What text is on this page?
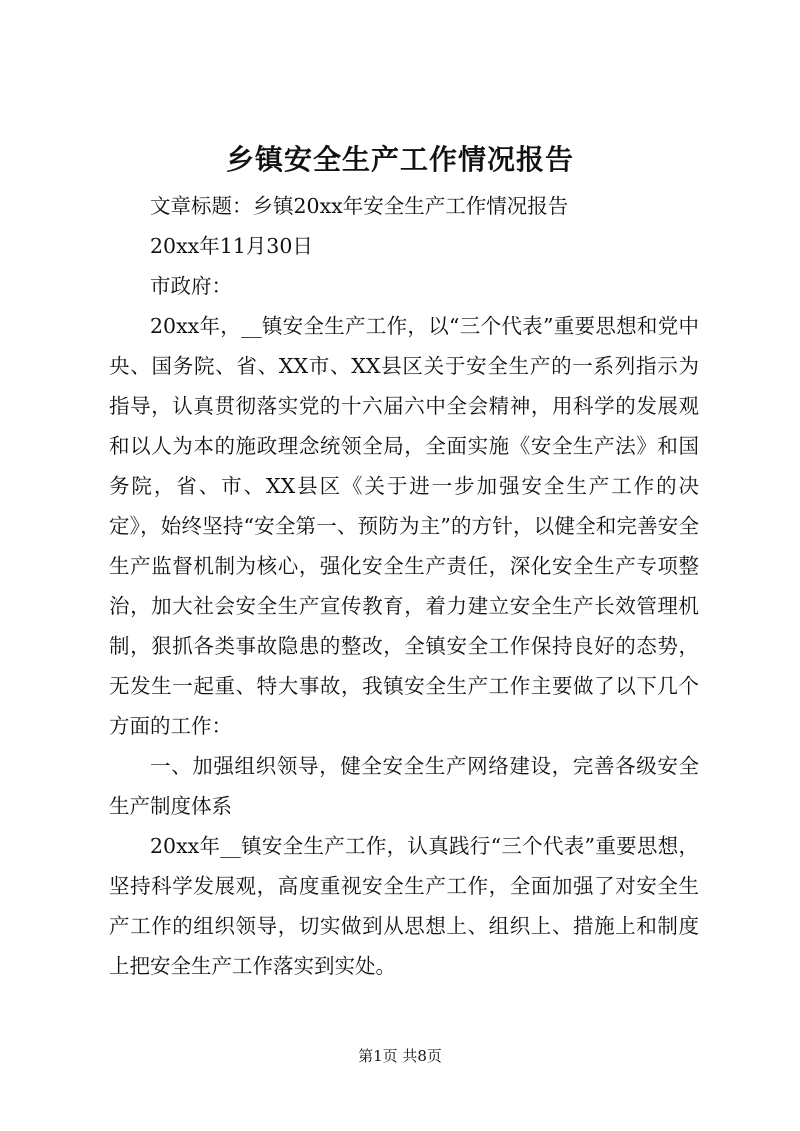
乡镇安全生产工作情况报告

文章标题：乡镇20xx年安全生产工作情况报告

20xx年11月30日

市政府：

20xx年，__镇安全生产工作，以“三个代表”重要思想和党中央、国务院、省、XX市、XX县区关于安全生产的一系列指示为指导，认真贯彻落实党的十六届六中全会精神，用科学的发展观和以人为本的施政理念统领全局，全面实施《安全生产法》和国务院，省、市、XX县区《关于进一步加强安全生产工作的决定》，始终坚持“安全第一、预防为主”的方针，以健全和完善安全生产监督机制为核心，强化安全生产责任，深化安全生产专项整治，加大社会安全生产宣传教育，着力建立安全生产长效管理机制，狠抓各类事故隐患的整改，全镇安全工作保持良好的态势，无发生一起重、特大事故，我镇安全生产工作主要做了以下几个方面的工作：

一、加强组织领导，健全安全生产网络建设，完善各级安全生产制度体系

20xx年__镇安全生产工作，认真践行“三个代表”重要思想，坚持科学发展观，高度重视安全生产工作，全面加强了对安全生产工作的组织领导，切实做到从思想上、组织上、措施上和制度上把安全生产工作落实到实处。

第1页 共8页
